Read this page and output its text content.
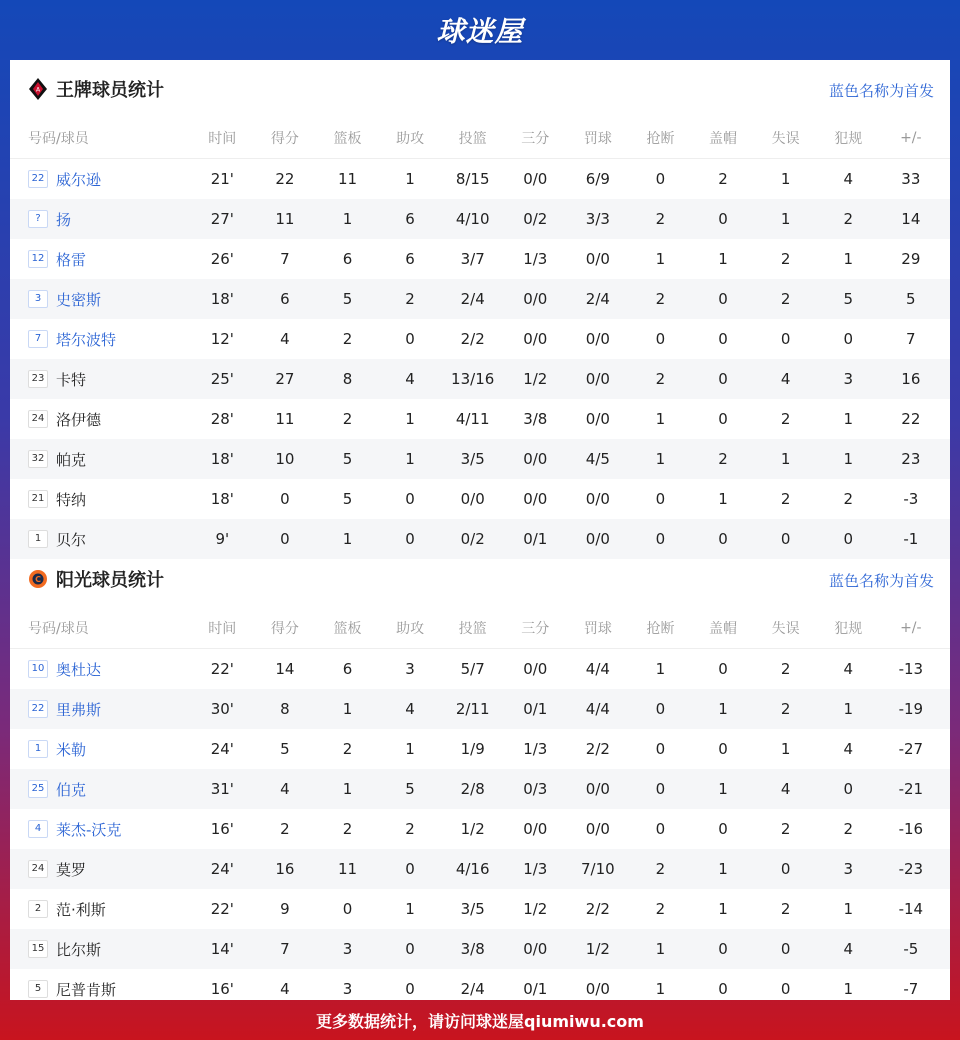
球迷屋
A 王牌球员统计	蓝色名称为首发
号码/球员	时间	得分	篮板	助攻	投篮	三分	罚球	抢断	盖帽	失误	犯规	+/-
22 威尔逊	21'	22	11	1	8/15	0/0	6/9	0	2	1	4	33
?	扬	27'	11	1	6	4/10	0/2	3/3	2	0	1	2	14
12 格雷	26'	7	6	6	3/7	1/3	0/0	1	1	2	1	29
3 史密斯	18'	6	5	2	2/4	0/0	2/4	2	0	2	5	5
7 塔尔波特	12'	4	2	0	2/2	0/0	0/0	0	0	0	0	7
23 卡特	25'	27	8	4	13/16	1/2	0/0	2	0	4	3	16
24 洛伊德	28'	11	2	1	4/11	3/8	0/0	1	0	2	1	22
32 帕克	18'	10	5	1	3/5	0/0	4/5	1	2	1	1	23
21 特纳	18'	0	5	0	0/0	0/0	0/0	0	1	2	2	-3
1 贝尔	9'	0	1	0	0/2	0/1	0/0	0	0	0	0	-1
C 阳光球员统计	蓝色名称为首发
号码/球员	时间	得分	篮板	助攻	投篮	三分	罚球	抢断	盖帽	失误	犯规	+/-
10 奥杜达	22'	14	6	3	5/7	0/0	4/4	1	0	2	4	-13
22 里弗斯	30'	8	1	4	2/11	0/1	4/4	0	1	2	1	-19
1 米勒	24'	5	2	1	1/9	1/3	2/2	0	0	1	4	-27
25 伯克	31'	4	1	5	2/8	0/3	0/0	0	1	4	0	-21
4 莱杰-沃克	16'	2	2	2	1/2	0/0	0/0	0	0	2	2	-16
24 莫罗	24'	16	11	0	4/16	1/3	7/10	2	1	0	3	-23
2 范·利斯	22'	9	0	1	3/5	1/2	2/2	2	1	2	1	-14
15 比尔斯	14'	7	3	0	3/8	0/0	1/2	1	0	0	4	-5
5 尼普肯斯	16'	4	3	0	2/4	0/1	0/0	1	0	0	1	-7
更多数据统计，请访问球迷屋qiumiwu.com
